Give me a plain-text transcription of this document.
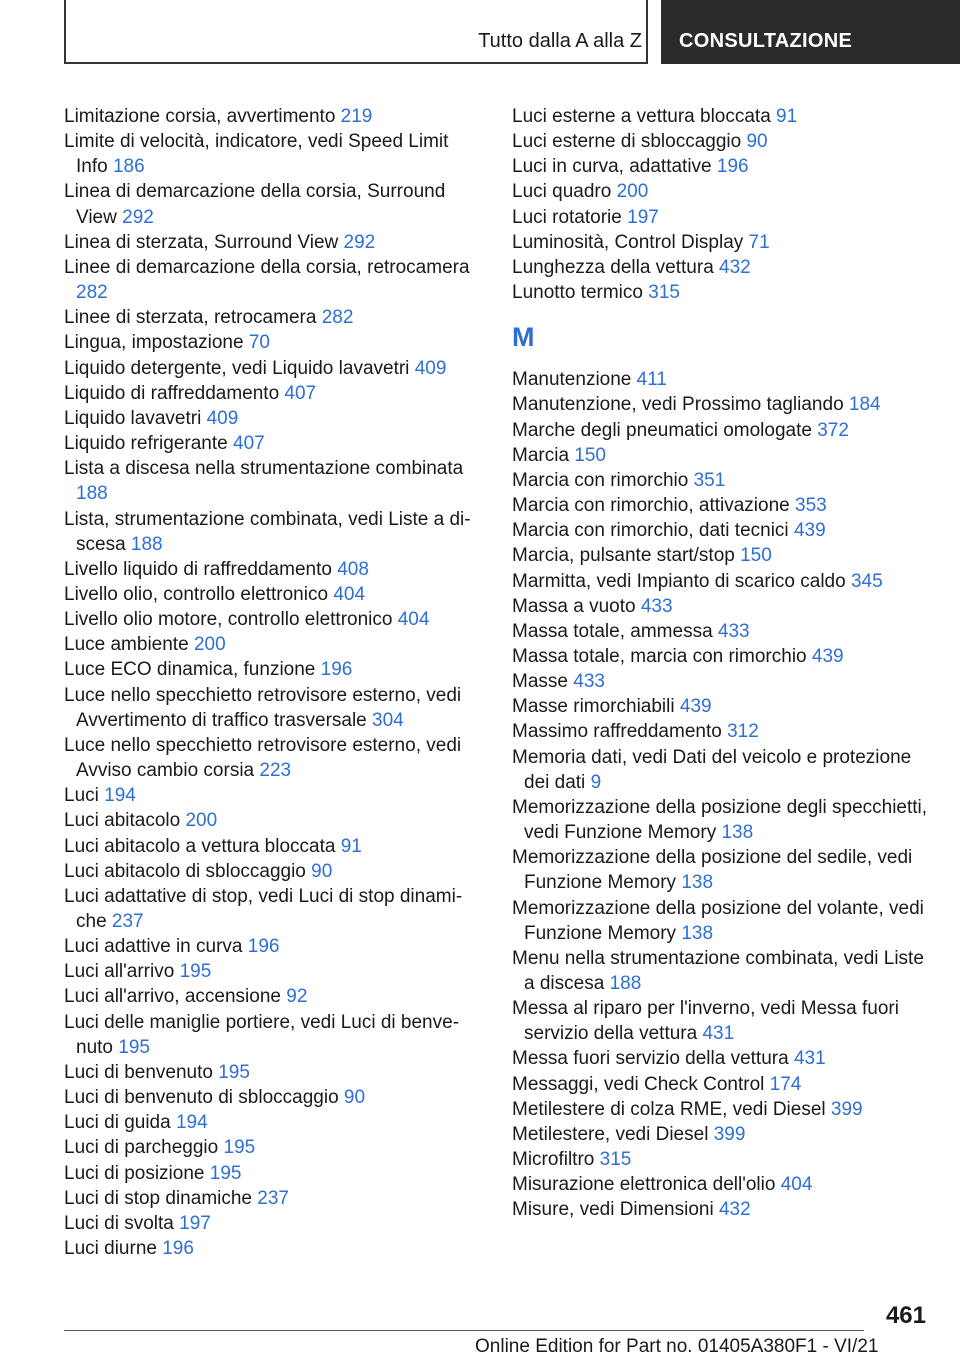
Tutto dalla A alla Z CONSULTAZIONE
Limitazione corsia, avvertimento 219
Limite di velocità, indicatore, vedi Speed Limit Info 186
Linea di demarcazione della corsia, Surround View 292
Linea di sterzata, Surround View 292
Linee di demarcazione della corsia, retrocamera 282
Linee di sterzata, retrocamera 282
Lingua, impostazione 70
Liquido detergente, vedi Liquido lavavetri 409
Liquido di raffreddamento 407
Liquido lavavetri 409
Liquido refrigerante 407
Lista a discesa nella strumentazione combinata 188
Lista, strumentazione combinata, vedi Liste a discesa 188
Livello liquido di raffreddamento 408
Livello olio, controllo elettronico 404
Livello olio motore, controllo elettronico 404
Luce ambiente 200
Luce ECO dinamica, funzione 196
Luce nello specchietto retrovisore esterno, vedi Avvertimento di traffico trasversale 304
Luce nello specchietto retrovisore esterno, vedi Avviso cambio corsia 223
Luci 194
Luci abitacolo 200
Luci abitacolo a vettura bloccata 91
Luci abitacolo di sbloccaggio 90
Luci adattative di stop, vedi Luci di stop dinamiche 237
Luci adattive in curva 196
Luci all'arrivo 195
Luci all'arrivo, accensione 92
Luci delle maniglie portiere, vedi Luci di benvenuto 195
Luci di benvenuto 195
Luci di benvenuto di sbloccaggio 90
Luci di guida 194
Luci di parcheggio 195
Luci di posizione 195
Luci di stop dinamiche 237
Luci di svolta 197
Luci diurne 196
Luci esterne a vettura bloccata 91
Luci esterne di sbloccaggio 90
Luci in curva, adattative 196
Luci quadro 200
Luci rotatorie 197
Luminosità, Control Display 71
Lunghezza della vettura 432
Lunotto termico 315
M
Manutenzione 411
Manutenzione, vedi Prossimo tagliando 184
Marche degli pneumatici omologate 372
Marcia 150
Marcia con rimorchio 351
Marcia con rimorchio, attivazione 353
Marcia con rimorchio, dati tecnici 439
Marcia, pulsante start/stop 150
Marmitta, vedi Impianto di scarico caldo 345
Massa a vuoto 433
Massa totale, ammessa 433
Massa totale, marcia con rimorchio 439
Masse 433
Masse rimorchiabili 439
Massimo raffreddamento 312
Memoria dati, vedi Dati del veicolo e protezione dei dati 9
Memorizzazione della posizione degli specchietti, vedi Funzione Memory 138
Memorizzazione della posizione del sedile, vedi Funzione Memory 138
Memorizzazione della posizione del volante, vedi Funzione Memory 138
Menu nella strumentazione combinata, vedi Liste a discesa 188
Messa al riparo per l'inverno, vedi Messa fuori servizio della vettura 431
Messa fuori servizio della vettura 431
Messaggi, vedi Check Control 174
Metilestere di colza RME, vedi Diesel 399
Metilestere, vedi Diesel 399
Microfiltro 315
Misurazione elettronica dell'olio 404
Misure, vedi Dimensioni 432
461
Online Edition for Part no. 01405A380F1 - VI/21
